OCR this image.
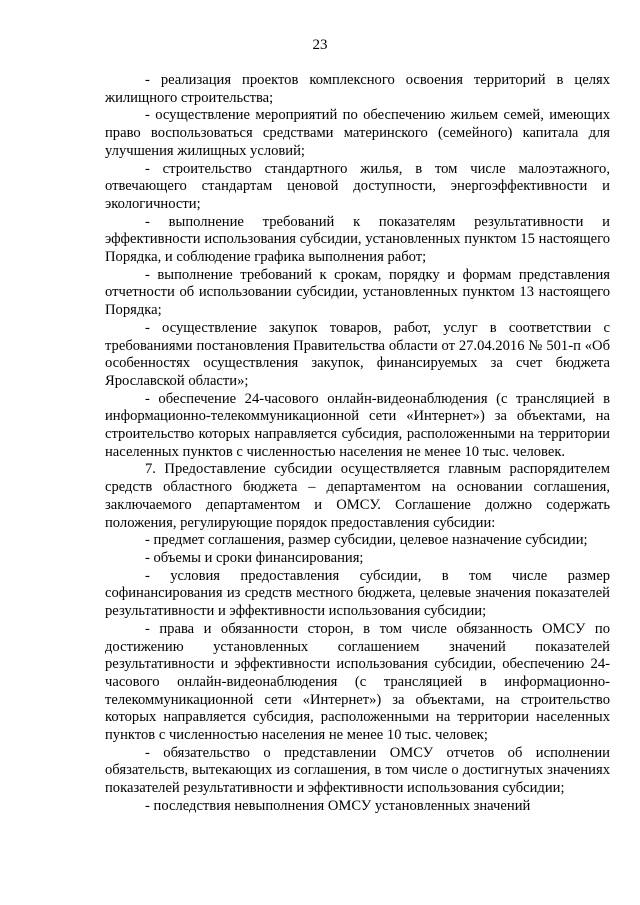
23

- реализация проектов комплексного освоения территорий в целях жилищного строительства;

- осуществление мероприятий по обеспечению жильем семей, имеющих право воспользоваться средствами материнского (семейного) капитала для улучшения жилищных условий;

- строительство стандартного жилья, в том числе малоэтажного, отвечающего стандартам ценовой доступности, энергоэффективности и экологичности;

- выполнение требований к показателям результативности и эффективности использования субсидии, установленных пунктом 15 настоящего Порядка, и соблюдение графика выполнения работ;

- выполнение требований к срокам, порядку и формам представления отчетности об использовании субсидии, установленных пунктом 13 настоящего Порядка;

- осуществление закупок товаров, работ, услуг в соответствии с требованиями постановления Правительства области от 27.04.2016 № 501-п «Об особенностях осуществления закупок, финансируемых за счет бюджета Ярославской области»;

- обеспечение 24-часового онлайн-видеонаблюдения (с трансляцией в информационно-телекоммуникационной сети «Интернет») за объектами, на строительство которых направляется субсидия, расположенными на территории населенных пунктов с численностью населения не менее 10 тыс. человек.

7. Предоставление субсидии осуществляется главным распорядителем средств областного бюджета – департаментом на основании соглашения, заключаемого департаментом и ОМСУ. Соглашение должно содержать положения, регулирующие порядок предоставления субсидии:

- предмет соглашения, размер субсидии, целевое назначение субсидии;

- объемы и сроки финансирования;

- условия предоставления субсидии, в том числе размер софинансирования из средств местного бюджета, целевые значения показателей результативности и эффективности использования субсидии;

- права и обязанности сторон, в том числе обязанность ОМСУ по достижению установленных соглашением значений показателей результативности и эффективности использования субсидии, обеспечению 24-часового онлайн-видеонаблюдения (с трансляцией в информационно-телекоммуникационной сети «Интернет») за объектами, на строительство которых направляется субсидия, расположенными на территории населенных пунктов с численностью населения не менее 10 тыс. человек;

- обязательство о представлении ОМСУ отчетов об исполнении обязательств, вытекающих из соглашения, в том числе о достигнутых значениях показателей результативности и эффективности использования субсидии;

- последствия невыполнения ОМСУ установленных значений
